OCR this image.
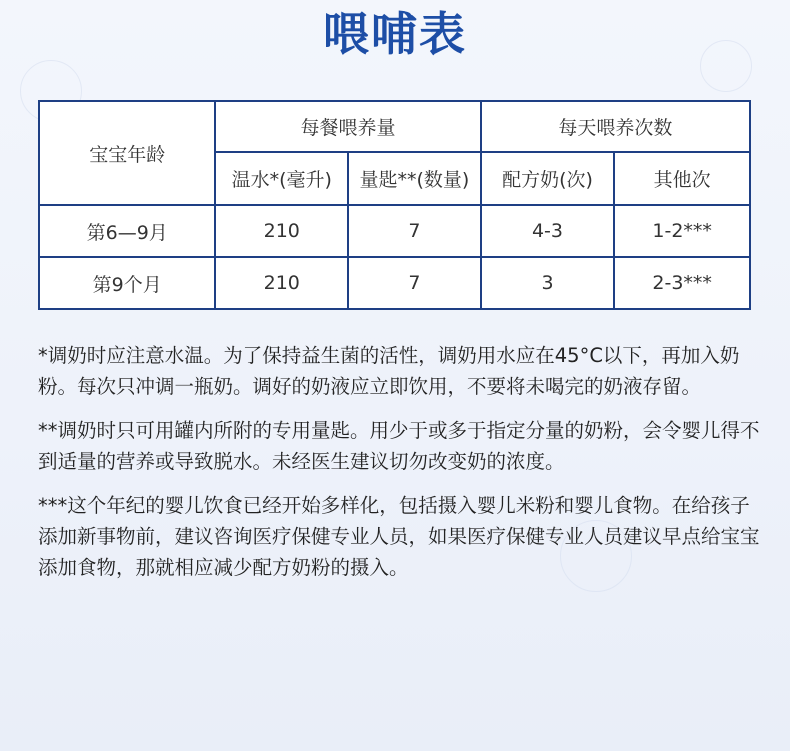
喂哺表
宝宝年龄	每餐喂养量		每天喂养次数	
	温水*(毫升)	量匙**(数量)	配方奶(次)	其他次
第6—9月	210	7	4-3	1-2***
第9个月	210	7	3	2-3***

*调奶时应注意水温。为了保持益生菌的活性，调奶用水应在45°C以下，再加入奶粉。每次只冲调一瓶奶。调好的奶液应立即饮用，不要将未喝完的奶液存留。

**调奶时只可用罐内所附的专用量匙。用少于或多于指定分量的奶粉，会令婴儿得不到适量的营养或导致脱水。未经医生建议切勿改变奶的浓度。

***这个年纪的婴儿饮食已经开始多样化，包括摄入婴儿米粉和婴儿食物。在给孩子添加新事物前，建议咨询医疗保健专业人员，如果医疗保健专业人员建议早点给宝宝添加食物，那就相应减少配方奶粉的摄入。
